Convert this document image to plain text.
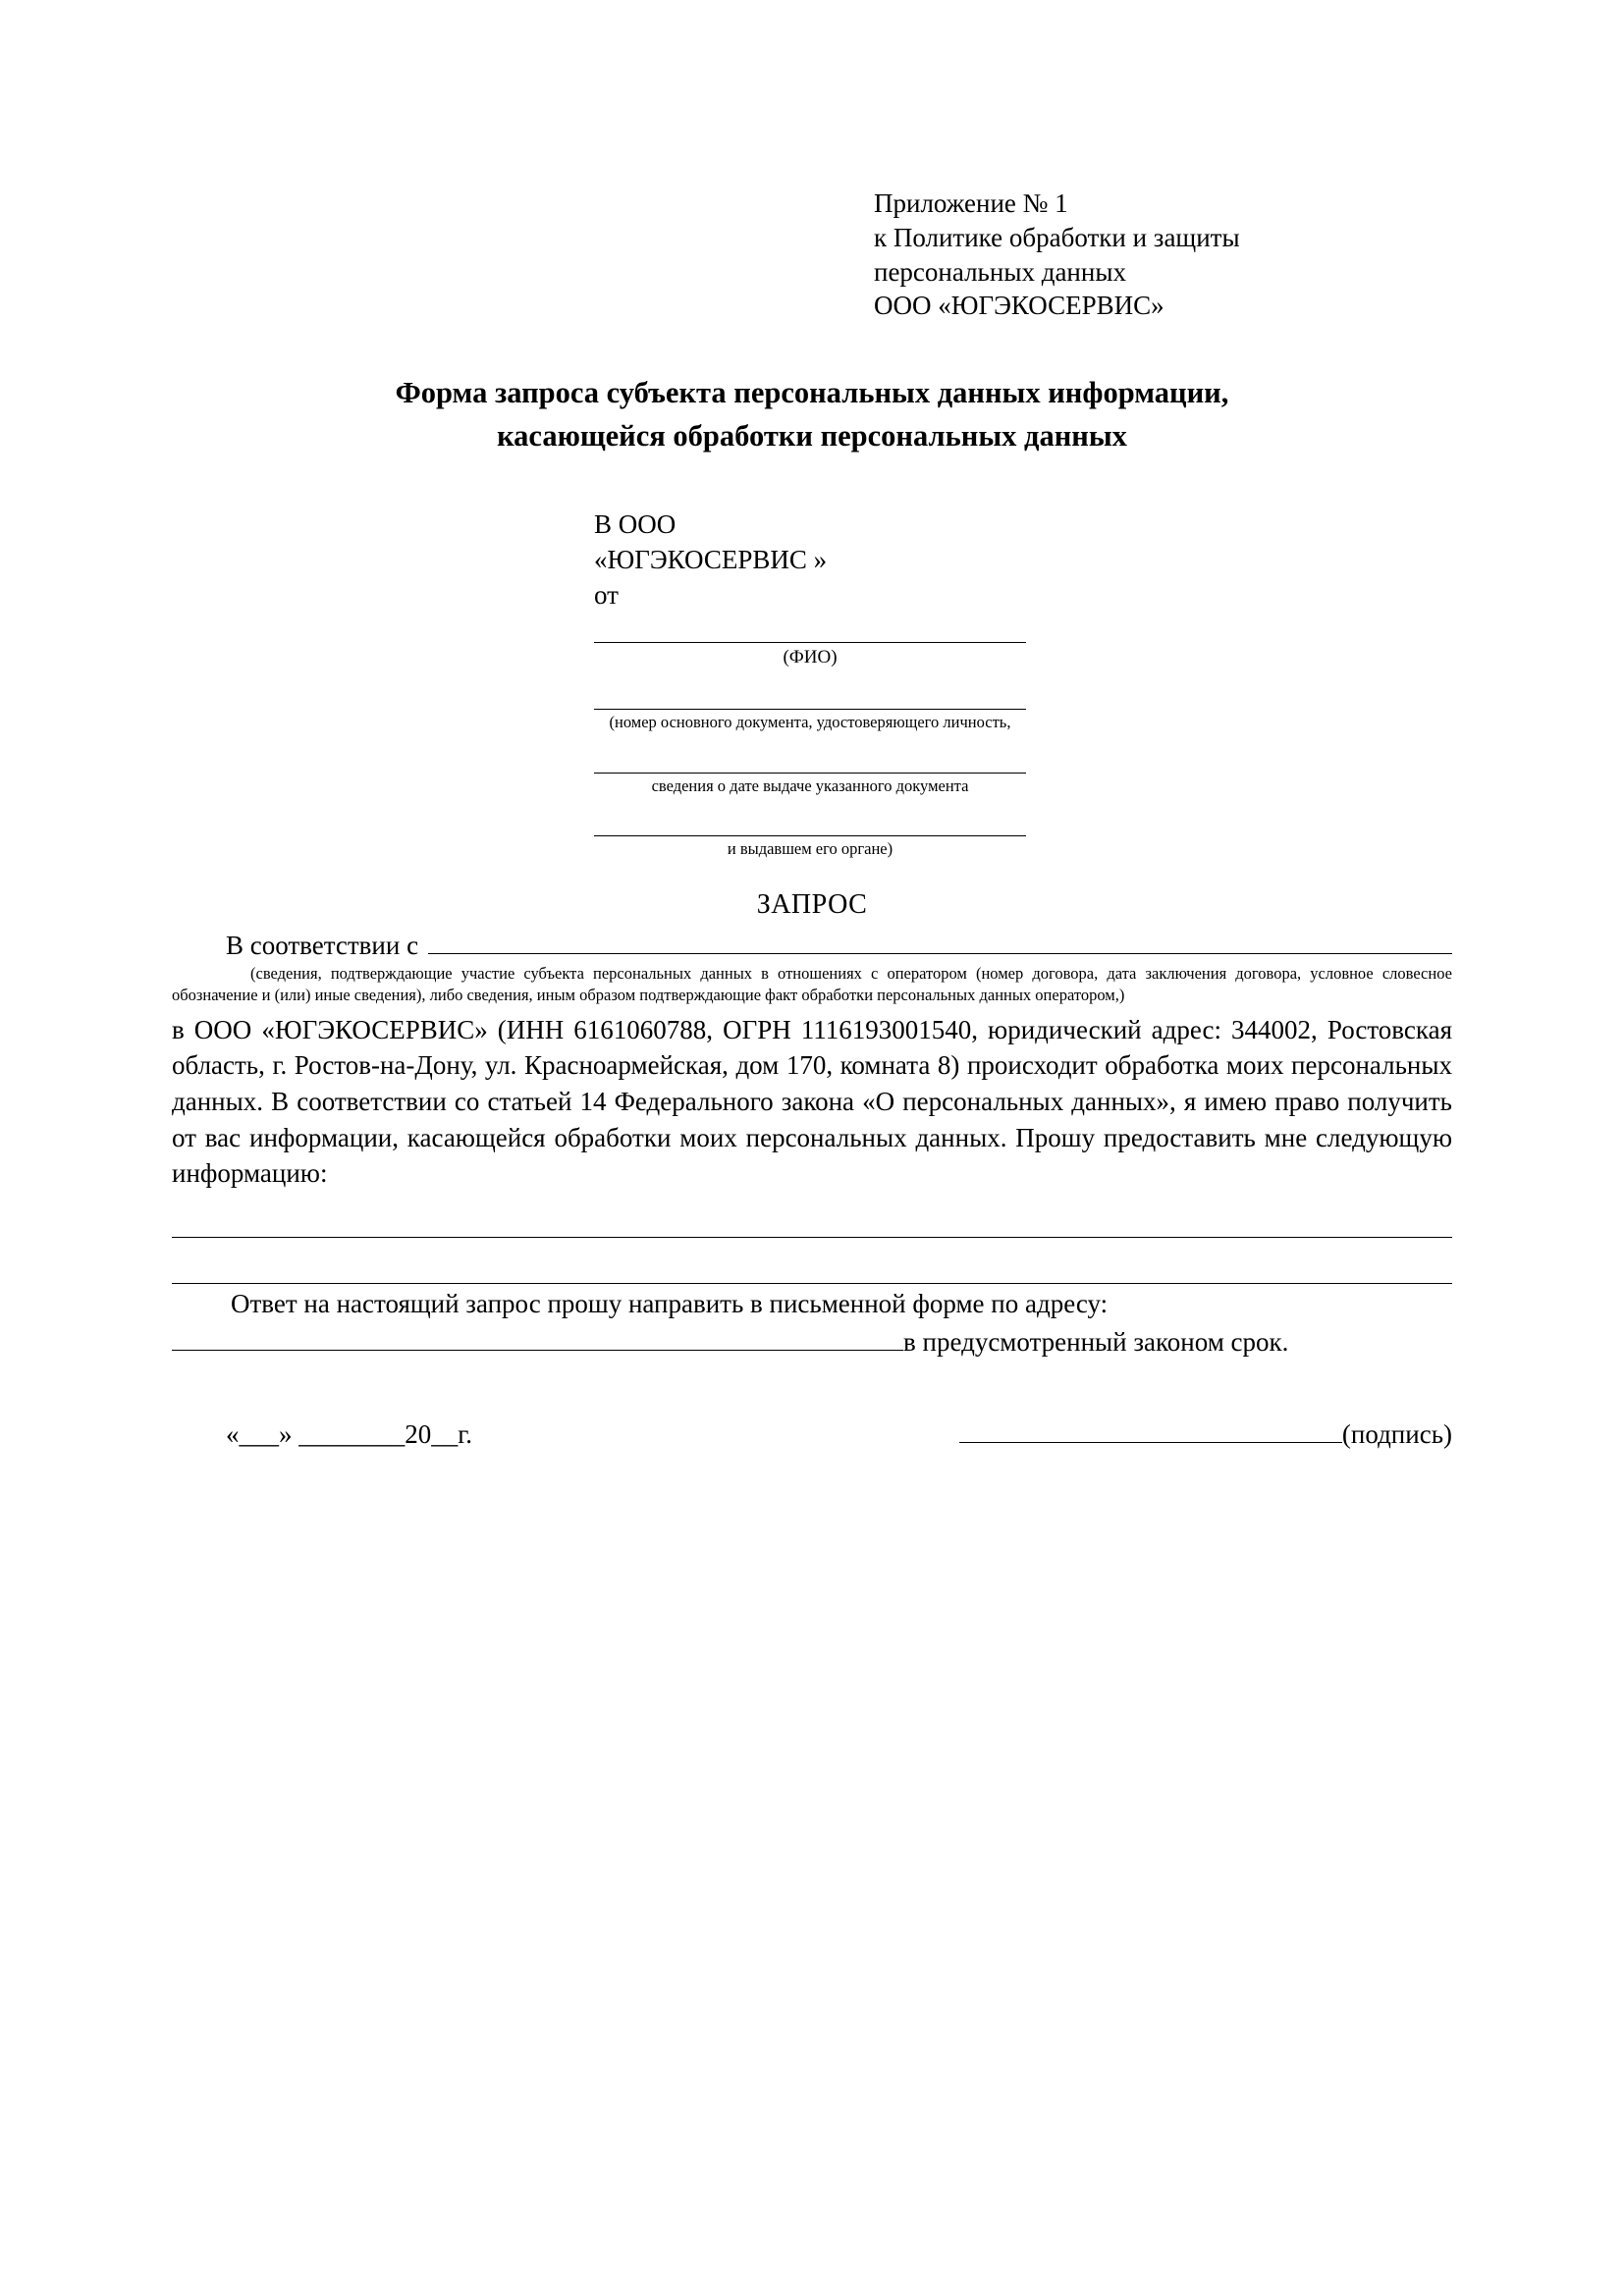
Приложение № 1
к Политике обработки и защиты
персональных данных
ООО «ЮГЭКОСЕРВИС»
Форма запроса субъекта персональных данных информации,
касающейся обработки персональных данных
В ООО
«ЮГЭКОСЕРВИС »
от
(ФИО)
(номер основного документа, удостоверяющего личность,
сведения о дате выдаче указанного документа
и выдавшем его органе)
ЗАПРОС
В соответствии с
(сведения, подтверждающие участие субъекта персональных данных в отношениях с оператором (номер договора, дата заключения договора, условное словесное обозначение и (или) иные сведения), либо сведения, иным образом подтверждающие факт обработки персональных данных оператором,)

в ООО «ЮГЭКОСЕРВИС» (ИНН 6161060788, ОГРН 1116193001540, юридический адрес: 344002, Ростовская область, г. Ростов-на-Дону, ул. Красноармейская, дом 170, комната 8) происходит обработка моих персональных данных. В соответствии со статьей 14 Федерального закона «О персональных данных», я имею право получить от вас информации, касающейся обработки моих персональных данных. Прошу предоставить мне следующую информацию:

Ответ на настоящий запрос прошу направить в письменной форме по адресу:
в предусмотренный законом срок.
«___» ________20__г.	(подпись)
